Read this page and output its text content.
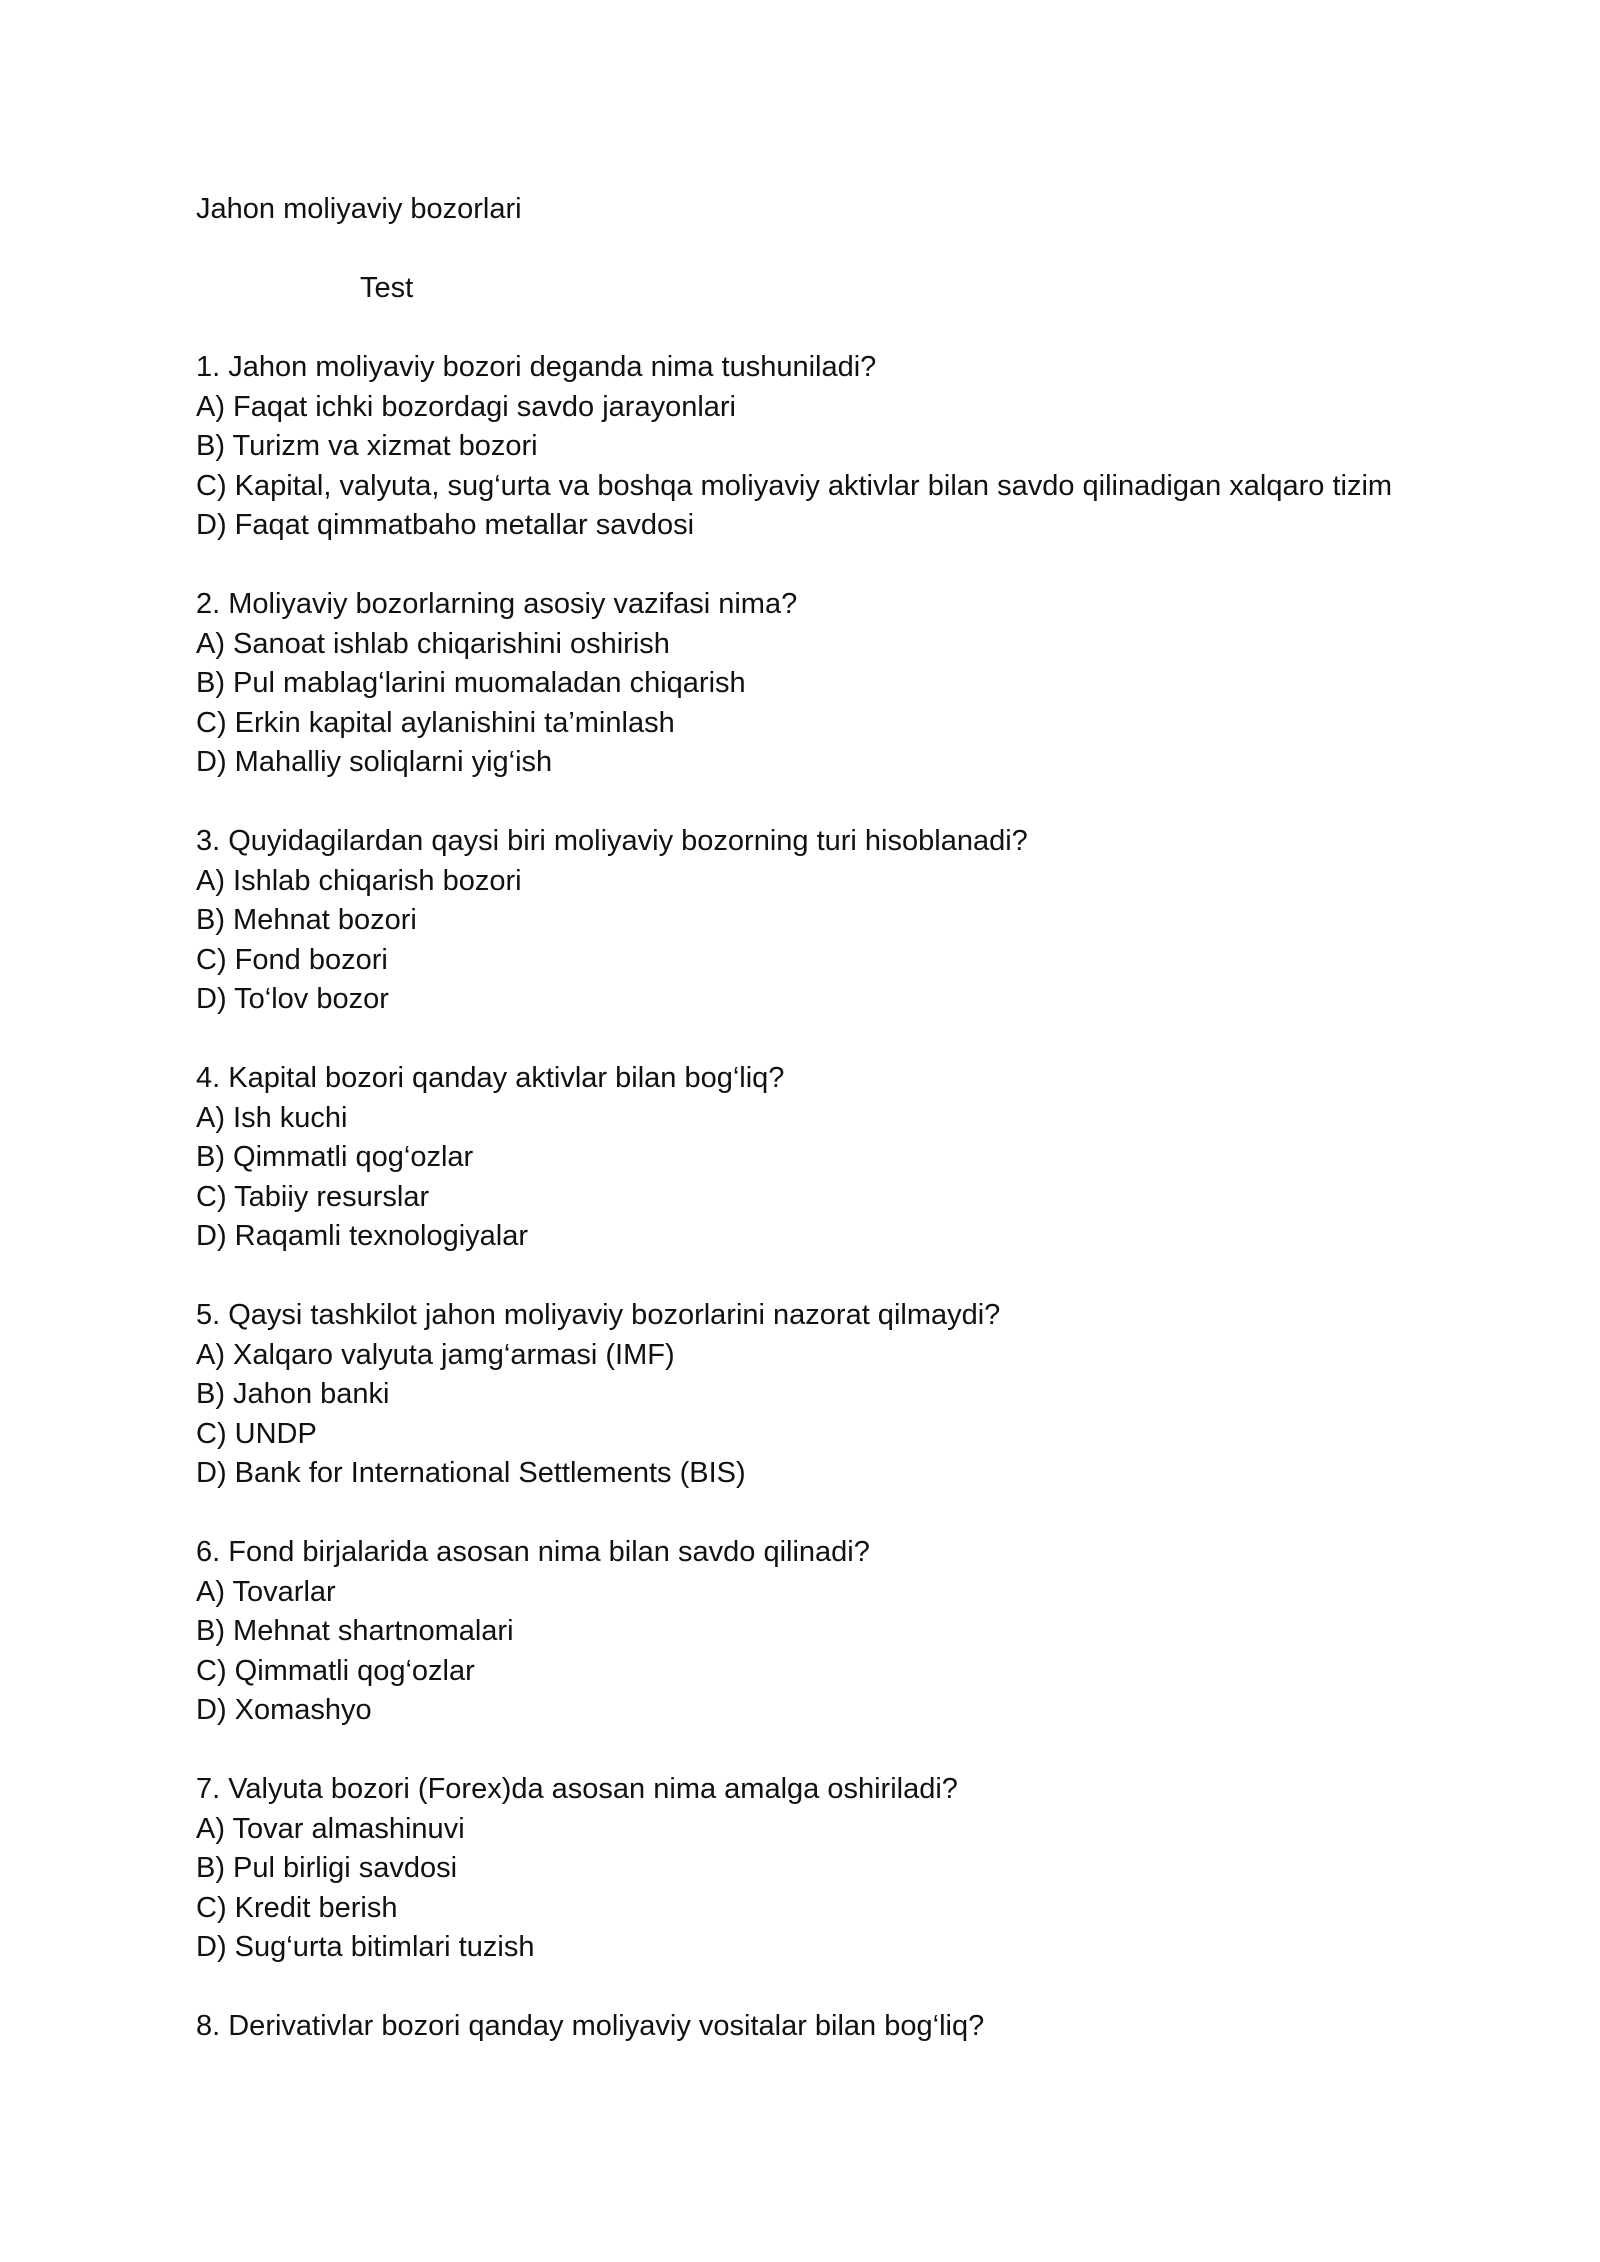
Jahon moliyaviy bozorlari

Test

1. Jahon moliyaviy bozori deganda nima tushuniladi?

A) Faqat ichki bozordagi savdo jarayonlari

B) Turizm va xizmat bozori

C) Kapital, valyuta, sug‘urta va boshqa moliyaviy aktivlar bilan savdo qilinadigan xalqaro tizim

D) Faqat qimmatbaho metallar savdosi

2. Moliyaviy bozorlarning asosiy vazifasi nima?

A) Sanoat ishlab chiqarishini oshirish

B) Pul mablag‘larini muomaladan chiqarish

C) Erkin kapital aylanishini ta’minlash

D) Mahalliy soliqlarni yig‘ish

3. Quyidagilardan qaysi biri moliyaviy bozorning turi hisoblanadi?

A) Ishlab chiqarish bozori

B) Mehnat bozori

C) Fond bozori

D) To‘lov bozor

4. Kapital bozori qanday aktivlar bilan bog‘liq?

A) Ish kuchi

B) Qimmatli qog‘ozlar

C) Tabiiy resurslar

D) Raqamli texnologiyalar

5. Qaysi tashkilot jahon moliyaviy bozorlarini nazorat qilmaydi?

A) Xalqaro valyuta jamg‘armasi (IMF)

B) Jahon banki

C) UNDP

D) Bank for International Settlements (BIS)

6. Fond birjalarida asosan nima bilan savdo qilinadi?

A) Tovarlar

B) Mehnat shartnomalari

C) Qimmatli qog‘ozlar

D) Xomashyo

7. Valyuta bozori (Forex)da asosan nima amalga oshiriladi?

A) Tovar almashinuvi

B) Pul birligi savdosi

C) Kredit berish

D) Sug‘urta bitimlari tuzish

8. Derivativlar bozori qanday moliyaviy vositalar bilan bog‘liq?
